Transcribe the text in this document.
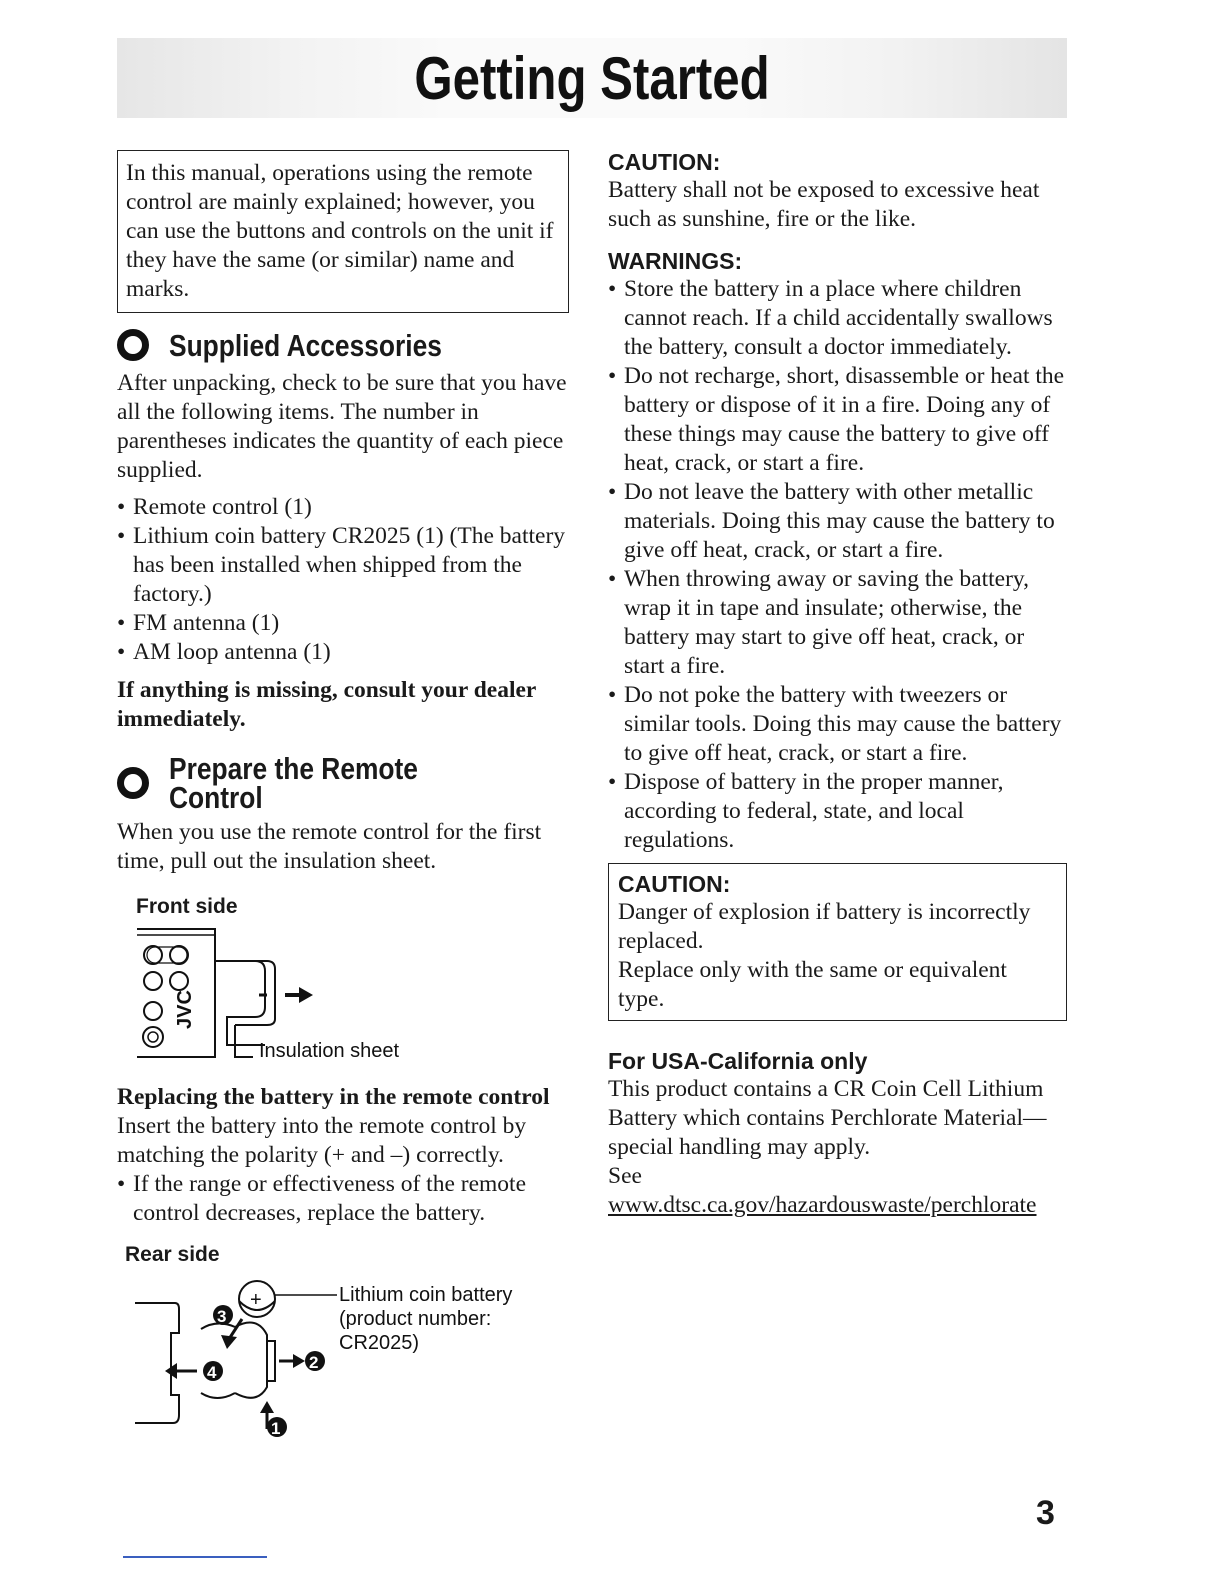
Getting Started

In this manual, operations using the remote control are mainly explained; however, you can use the buttons and controls on the unit if they have the same (or similar) name and marks.

Supplied Accessories

After unpacking, check to be sure that you have all the following items. The number in parentheses indicates the quantity of each piece supplied.

• Remote control (1)
• Lithium coin battery CR2025 (1) (The battery has been installed when shipped from the factory.)
• FM antenna (1)
• AM loop antenna (1)

If anything is missing, consult your dealer immediately.

Prepare the Remote Control

When you use the remote control for the first time, pull out the insulation sheet.

Front side
JVC
Insulation sheet

Replacing the battery in the remote control

Insert the battery into the remote control by matching the polarity (+ and –) correctly.

• If the range or effectiveness of the remote control decreases, replace the battery.
Rear side
+
1
2
3
4
Lithium coin battery
(product number:
CR2025)
CAUTION:

Battery shall not be exposed to excessive heat such as sunshine, fire or the like.

WARNINGS:
• Store the battery in a place where children cannot reach. If a child accidentally swallows the battery, consult a doctor immediately.
• Do not recharge, short, disassemble or heat the battery or dispose of it in a fire. Doing any of these things may cause the battery to give off heat, crack, or start a fire.
• Do not leave the battery with other metallic materials. Doing this may cause the battery to give off heat, crack, or start a fire.
• When throwing away or saving the battery, wrap it in tape and insulate; otherwise, the battery may start to give off heat, crack, or start a fire.
• Do not poke the battery with tweezers or similar tools. Doing this may cause the battery to give off heat, crack, or start a fire.
• Dispose of battery in the proper manner, according to federal, state, and local regulations.
CAUTION:

Danger of explosion if battery is incorrectly replaced.

Replace only with the same or equivalent type.

For USA-California only

This product contains a CR Coin Cell Lithium Battery which contains Perchlorate Material—special handling may apply.

See www.dtsc.ca.gov/hazardouswaste/perchlorate

3
